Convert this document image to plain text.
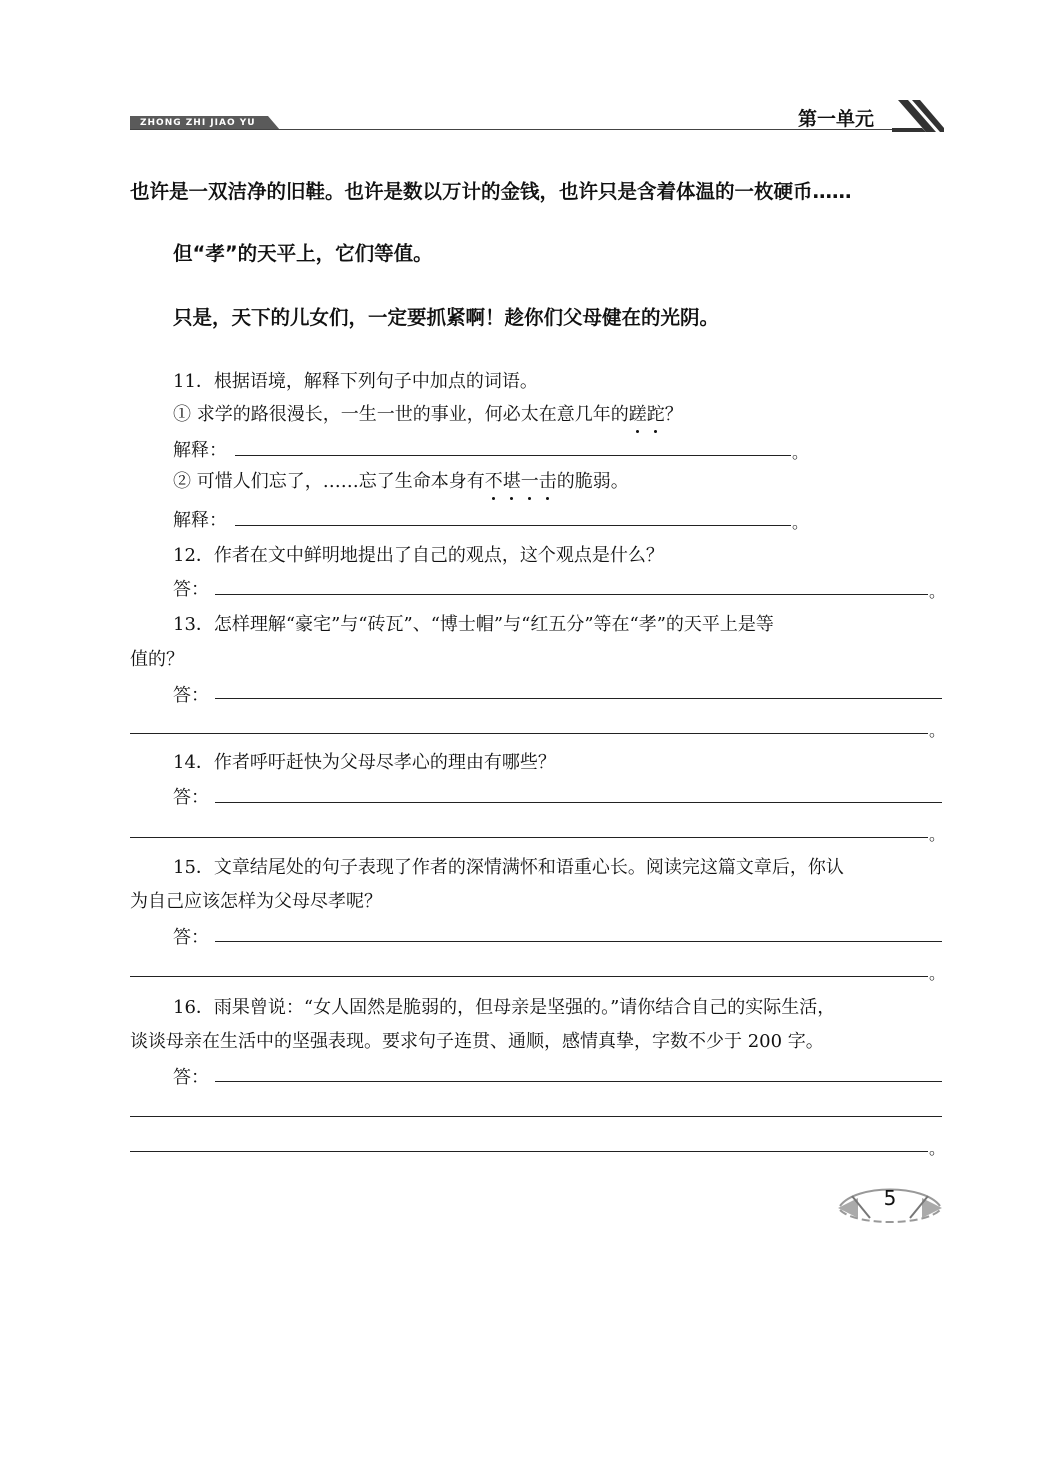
ZHONG ZHI JIAO YU	第一单元
也许是一双洁净的旧鞋。也许是数以万计的金钱，也许只是含着体温的一枚硬币……
但“孝”的天平上，它们等值。
只是，天下的儿女们，一定要抓紧啊！趁你们父母健在的光阴。
11．根据语境，解释下列句子中加点的词语。
① 求学的路很漫长，一生一世的事业，何必太在意几年的蹉跎？
解释：	。
② 可惜人们忘了，……忘了生命本身有不堪一击的脆弱。
解释：	。
12．作者在文中鲜明地提出了自己的观点，这个观点是什么？
答：	。
13．怎样理解“豪宅”与“砖瓦”、“博士帽”与“红五分”等在“孝”的天平上是等
值的？
答：
。
14．作者呼吁赶快为父母尽孝心的理由有哪些？
答：
。
15．文章结尾处的句子表现了作者的深情满怀和语重心长。阅读完这篇文章后，你认
为自己应该怎样为父母尽孝呢？
答：
。
16．雨果曾说：“女人固然是脆弱的，但母亲是坚强的。”请你结合自己的实际生活，
谈谈母亲在生活中的坚强表现。要求句子连贯、通顺，感情真挚，字数不少于 200 字。
答：
。
5
